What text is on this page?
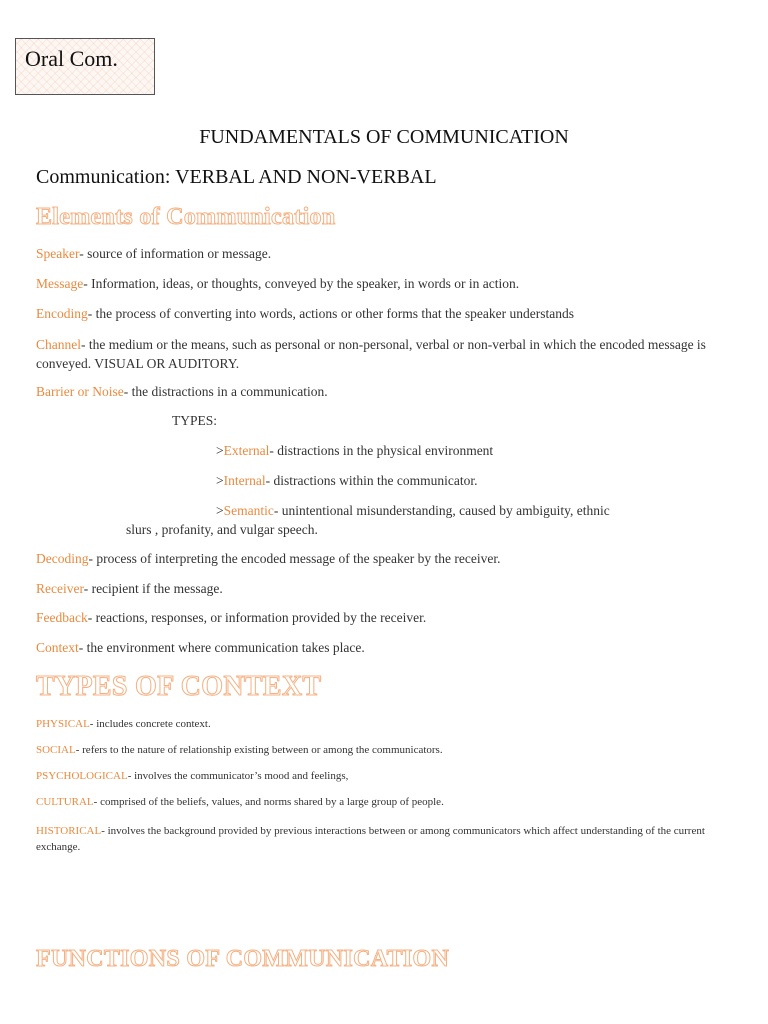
Oral Com.
FUNDAMENTALS OF COMMUNICATION
Communication: VERBAL AND NON-VERBAL
Elements of Communication
Speaker- source of information or message.
Message- Information, ideas, or thoughts, conveyed by the speaker, in words or in action.
Encoding- the process of converting into words, actions or other forms that the speaker understands
Channel- the medium or the means, such as personal or non-personal, verbal or non-verbal in which the encoded message is conveyed. VISUAL OR AUDITORY.
Barrier or Noise- the distractions in a communication.
TYPES:
>External- distractions in the physical environment
>Internal- distractions within the communicator.
>Semantic- unintentional misunderstanding, caused by ambiguity, ethnic
slurs , profanity, and vulgar speech.
Decoding- process of interpreting the encoded message of the speaker by the receiver.
Receiver- recipient if the message.
Feedback- reactions, responses, or information provided by the receiver.
Context- the environment where communication takes place.
TYPES OF CONTEXT
PHYSICAL- includes concrete context.
SOCIAL- refers to the nature of relationship existing between or among the communicators.
PSYCHOLOGICAL- involves the communicator’s mood and feelings,
CULTURAL- comprised of the beliefs, values, and norms shared by a large group of people.
HISTORICAL- involves the background provided by previous interactions between or among communicators which affect understanding of the current exchange.
FUNCTIONS OF COMMUNICATION
